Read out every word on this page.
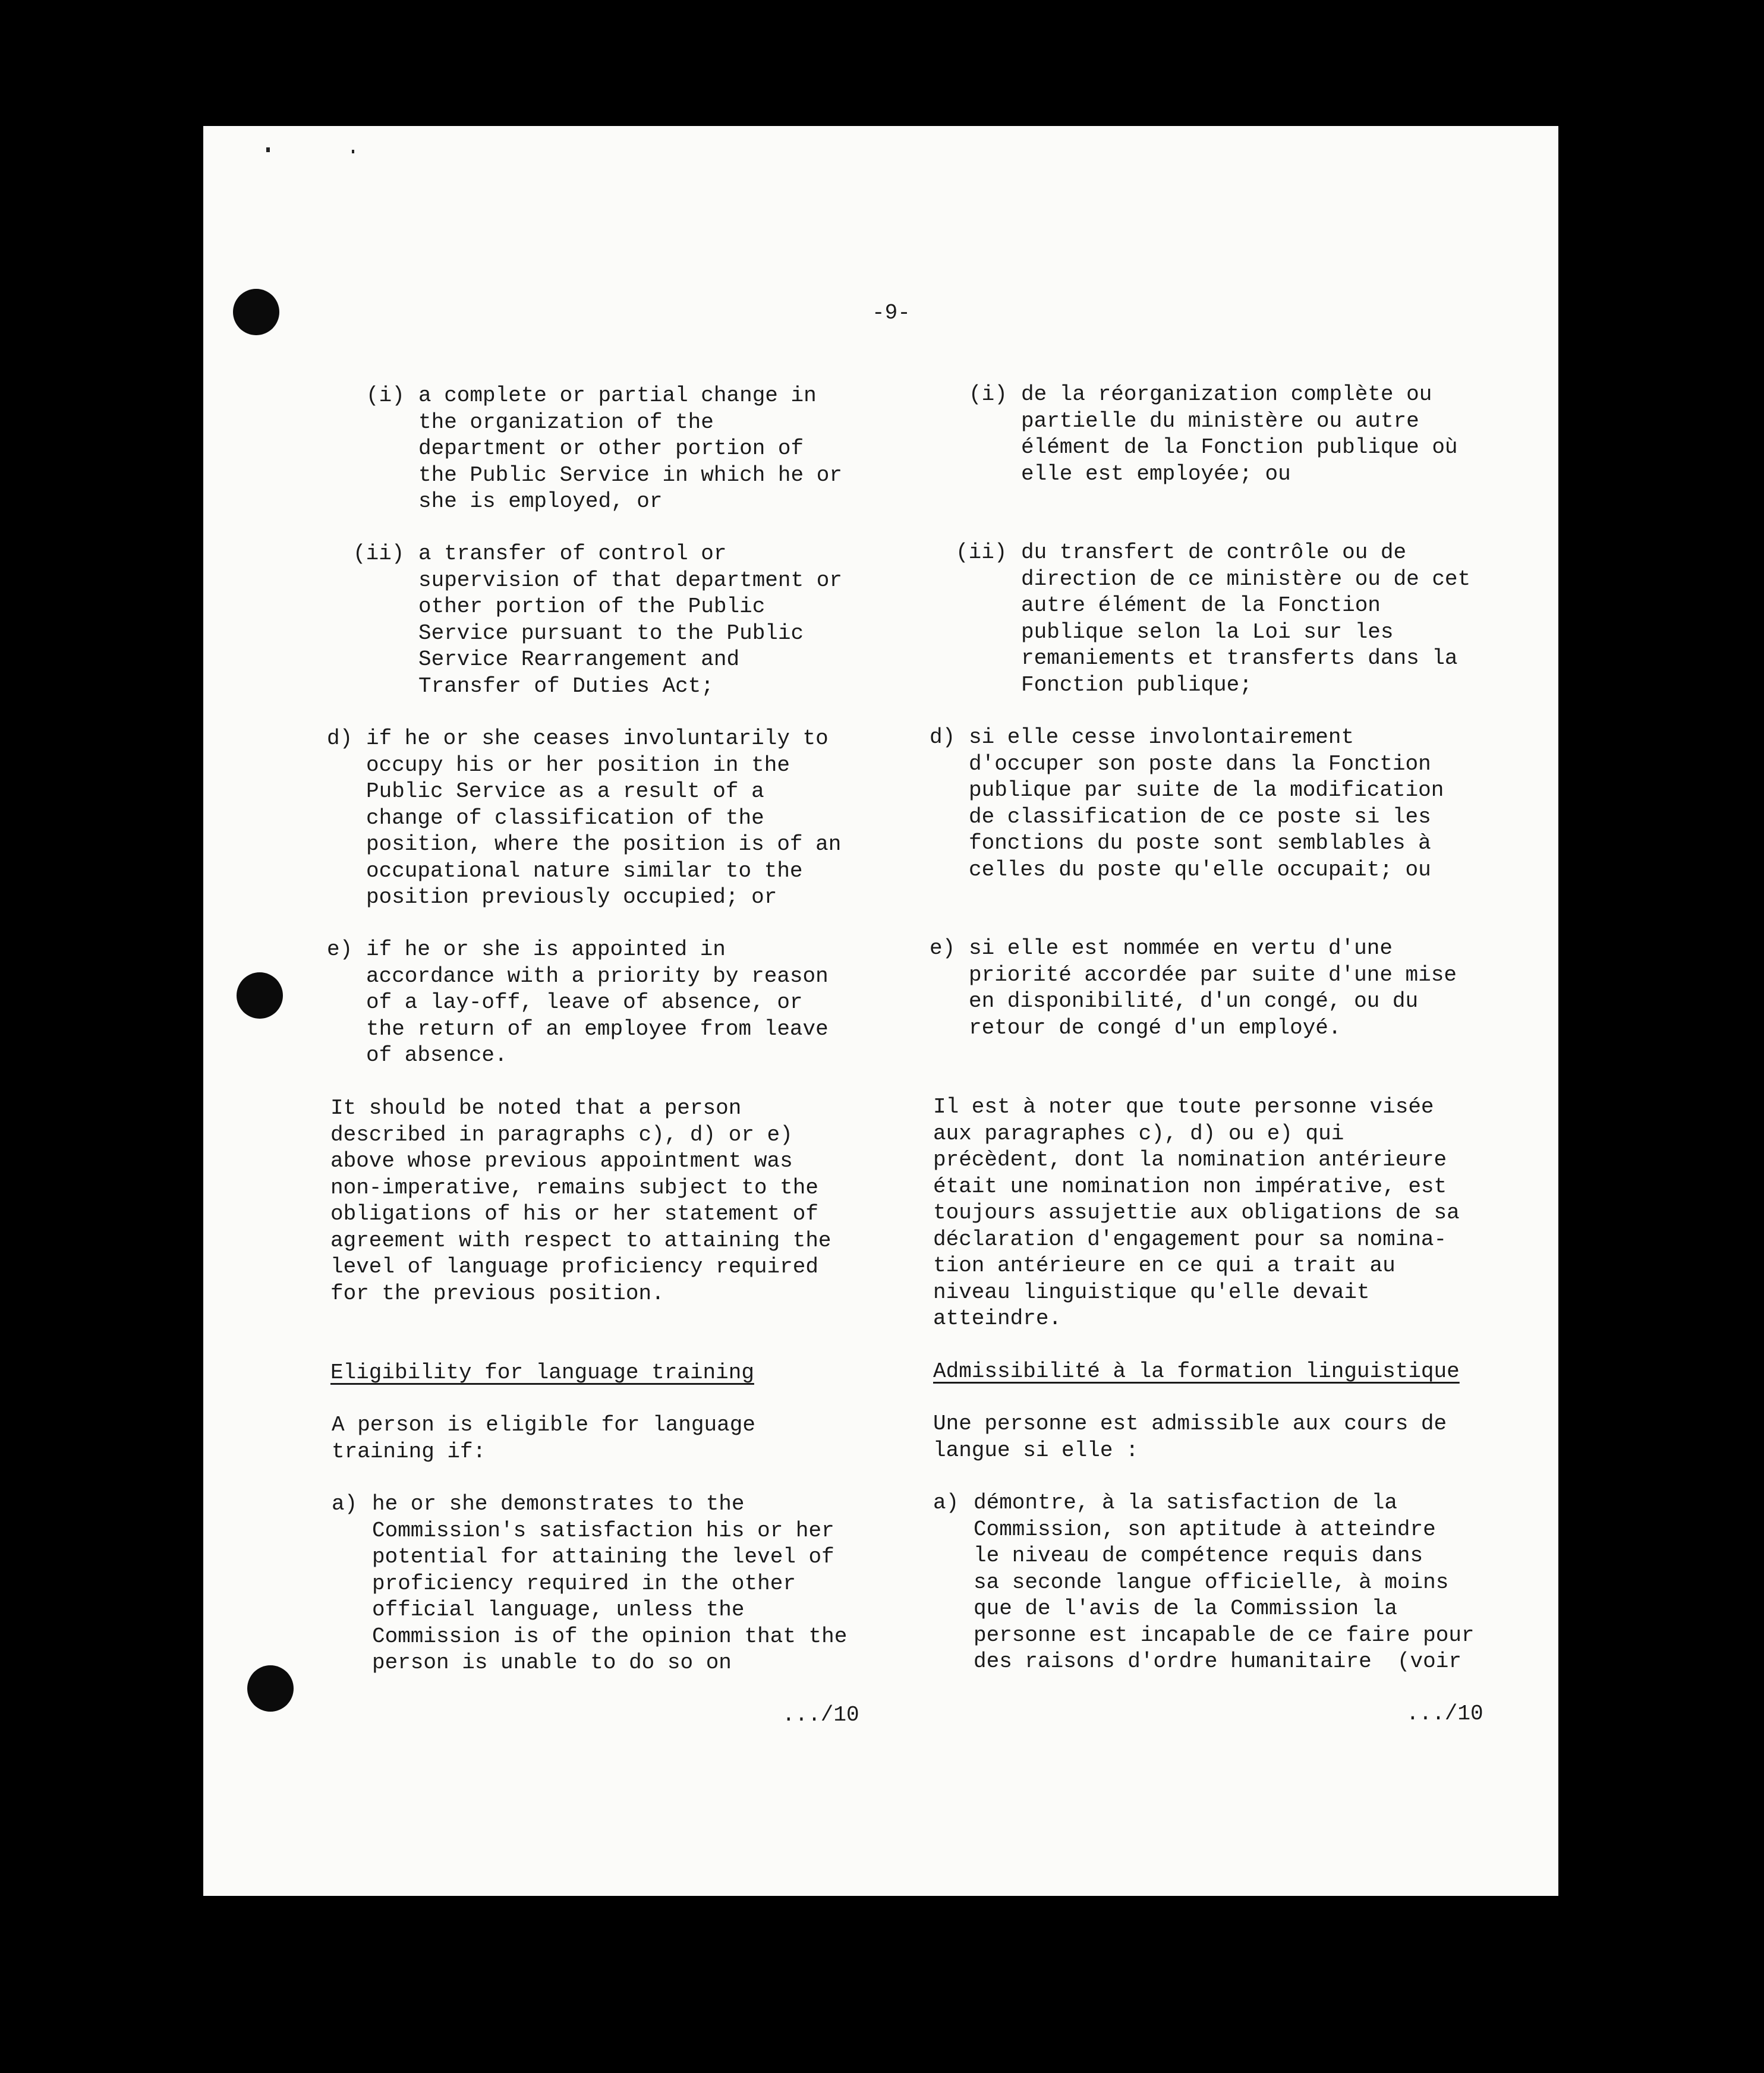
-9-

(i) a complete or partial change in
the organization of the
department or other portion of
the Public Service in which he or
she is employed, or

(ii) a transfer of control or
supervision of that department or
other portion of the Public
Service pursuant to the Public
Service Rearrangement and
Transfer of Duties Act;

d) if he or she ceases involuntarily to
occupy his or her position in the
Public Service as a result of a
change of classification of the
position, where the position is of an
occupational nature similar to the
position previously occupied; or

e) if he or she is appointed in
accordance with a priority by reason
of a lay-off, leave of absence, or
the return of an employee from leave
of absence.

It should be noted that a person
described in paragraphs c), d) or e)
above whose previous appointment was
non-imperative, remains subject to the
obligations of his or her statement of
agreement with respect to attaining the
level of language proficiency required
for the previous position.

Eligibility for language training

A person is eligible for language
training if:

a) he or she demonstrates to the
Commission's satisfaction his or her
potential for attaining the level of
proficiency required in the other
official language, unless the
Commission is of the opinion that the
person is unable to do so on

.../10

(i) de la réorganization complète ou
partielle du ministère ou autre
élément de la Fonction publique où
elle est employée; ou

(ii) du transfert de contrôle ou de
direction de ce ministère ou de cet
autre élément de la Fonction
publique selon la Loi sur les
remaniements et transferts dans la
Fonction publique;

d) si elle cesse involontairement
d'occuper son poste dans la Fonction
publique par suite de la modification
de classification de ce poste si les
fonctions du poste sont semblables à
celles du poste qu'elle occupait; ou

e) si elle est nommée en vertu d'une
priorité accordée par suite d'une mise
en disponibilité, d'un congé, ou du
retour de congé d'un employé.

Il est à noter que toute personne visée
aux paragraphes c), d) ou e) qui
précèdent, dont la nomination antérieure
était une nomination non impérative, est
toujours assujettie aux obligations de sa
déclaration d'engagement pour sa nomina-
tion antérieure en ce qui a trait au
niveau linguistique qu'elle devait
atteindre.

Admissibilité à la formation linguistique

Une personne est admissible aux cours de
langue si elle :

a) démontre, à la satisfaction de la
Commission, son aptitude à atteindre
le niveau de compétence requis dans
sa seconde langue officielle, à moins
que de l'avis de la Commission la
personne est incapable de ce faire pour
des raisons d'ordre humanitaire  (voir

.../10
